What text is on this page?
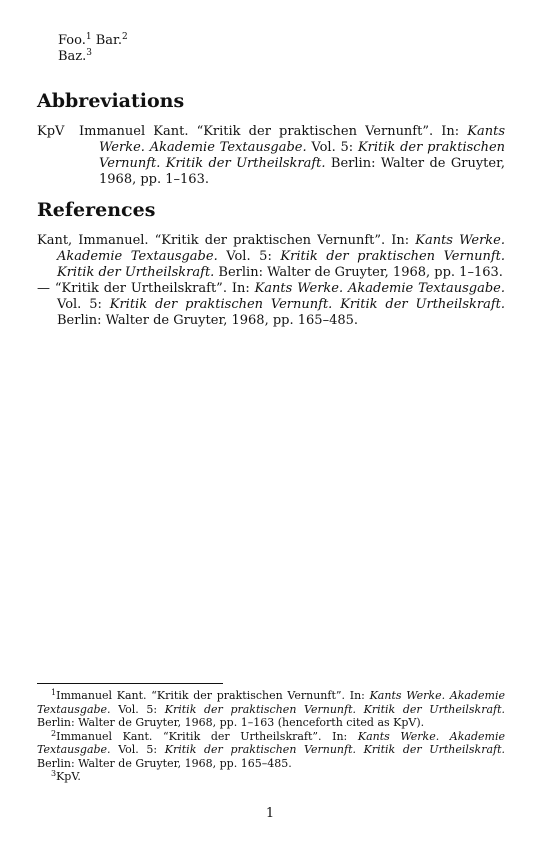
Foo.$^1$ Bar.$^2$
Baz.$^3$
Abbreviations
KpV Immanuel Kant. “Kritik der praktischen Vernunft”. In: Kants Werke. Akademie Textausgabe. Vol. 5: Kritik der praktischen Vernunft. Kritik der Urtheilskraft. Berlin: Walter de Gruyter, 1968, pp. 1–163.
References

Kant, Immanuel. “Kritik der praktischen Vernunft”. In: Kants Werke. Akademie Textausgabe. Vol. 5: Kritik der praktischen Vernunft. Kritik der Urtheilskraft. Berlin: Walter de Gruyter, 1968, pp. 1–163.

— “Kritik der Urtheilskraft”. In: Kants Werke. Akademie Textausgabe. Vol. 5: Kritik der praktischen Vernunft. Kritik der Urtheilskraft. Berlin: Walter de Gruyter, 1968, pp. 165–485.

$^1$Immanuel Kant. “Kritik der praktischen Vernunft”. In: Kants Werke. Akademie Textausgabe. Vol. 5: Kritik der praktischen Vernunft. Kritik der Urtheilskraft. Berlin: Walter de Gruyter, 1968, pp. 1–163 (henceforth cited as KpV).

$^2$Immanuel Kant. “Kritik der Urtheilskraft”. In: Kants Werke. Akademie Textausgabe. Vol. 5: Kritik der praktischen Vernunft. Kritik der Urtheilskraft. Berlin: Walter de Gruyter, 1968, pp. 165–485.

$^3$KpV.

1
